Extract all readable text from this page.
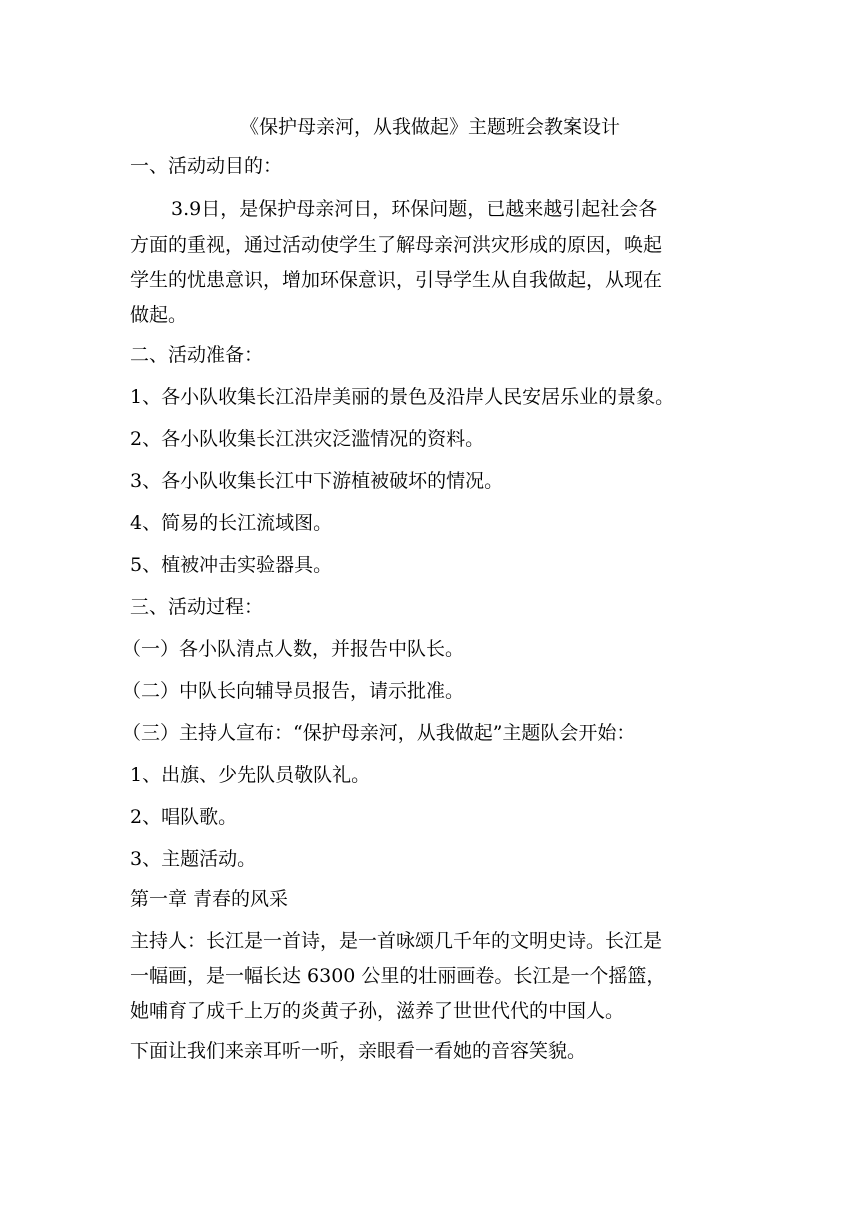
《保护母亲河，从我做起》主题班会教案设计
一、活动动目的：
3.9日，是保护母亲河日，环保问题，已越来越引起社会各
方面的重视，通过活动使学生了解母亲河洪灾形成的原因，唤起
学生的忧患意识，增加环保意识，引导学生从自我做起，从现在
做起。
二、活动准备：
1、各小队收集长江沿岸美丽的景色及沿岸人民安居乐业的景象。
2、各小队收集长江洪灾泛滥情况的资料。
3、各小队收集长江中下游植被破坏的情况。
4、简易的长江流域图。
5、植被冲击实验器具。
三、活动过程：
（一）各小队清点人数，并报告中队长。
（二）中队长向辅导员报告，请示批准。
（三）主持人宣布：“保护母亲河，从我做起”主题队会开始：
1、出旗、少先队员敬队礼。
2、唱队歌。
3、主题活动。
第一章 青春的风采
主持人：长江是一首诗，是一首咏颂几千年的文明史诗。长江是
一幅画，是一幅长达 6300 公里的壮丽画卷。长江是一个摇篮，
她哺育了成千上万的炎黄子孙，滋养了世世代代的中国人。
下面让我们来亲耳听一听，亲眼看一看她的音容笑貌。
